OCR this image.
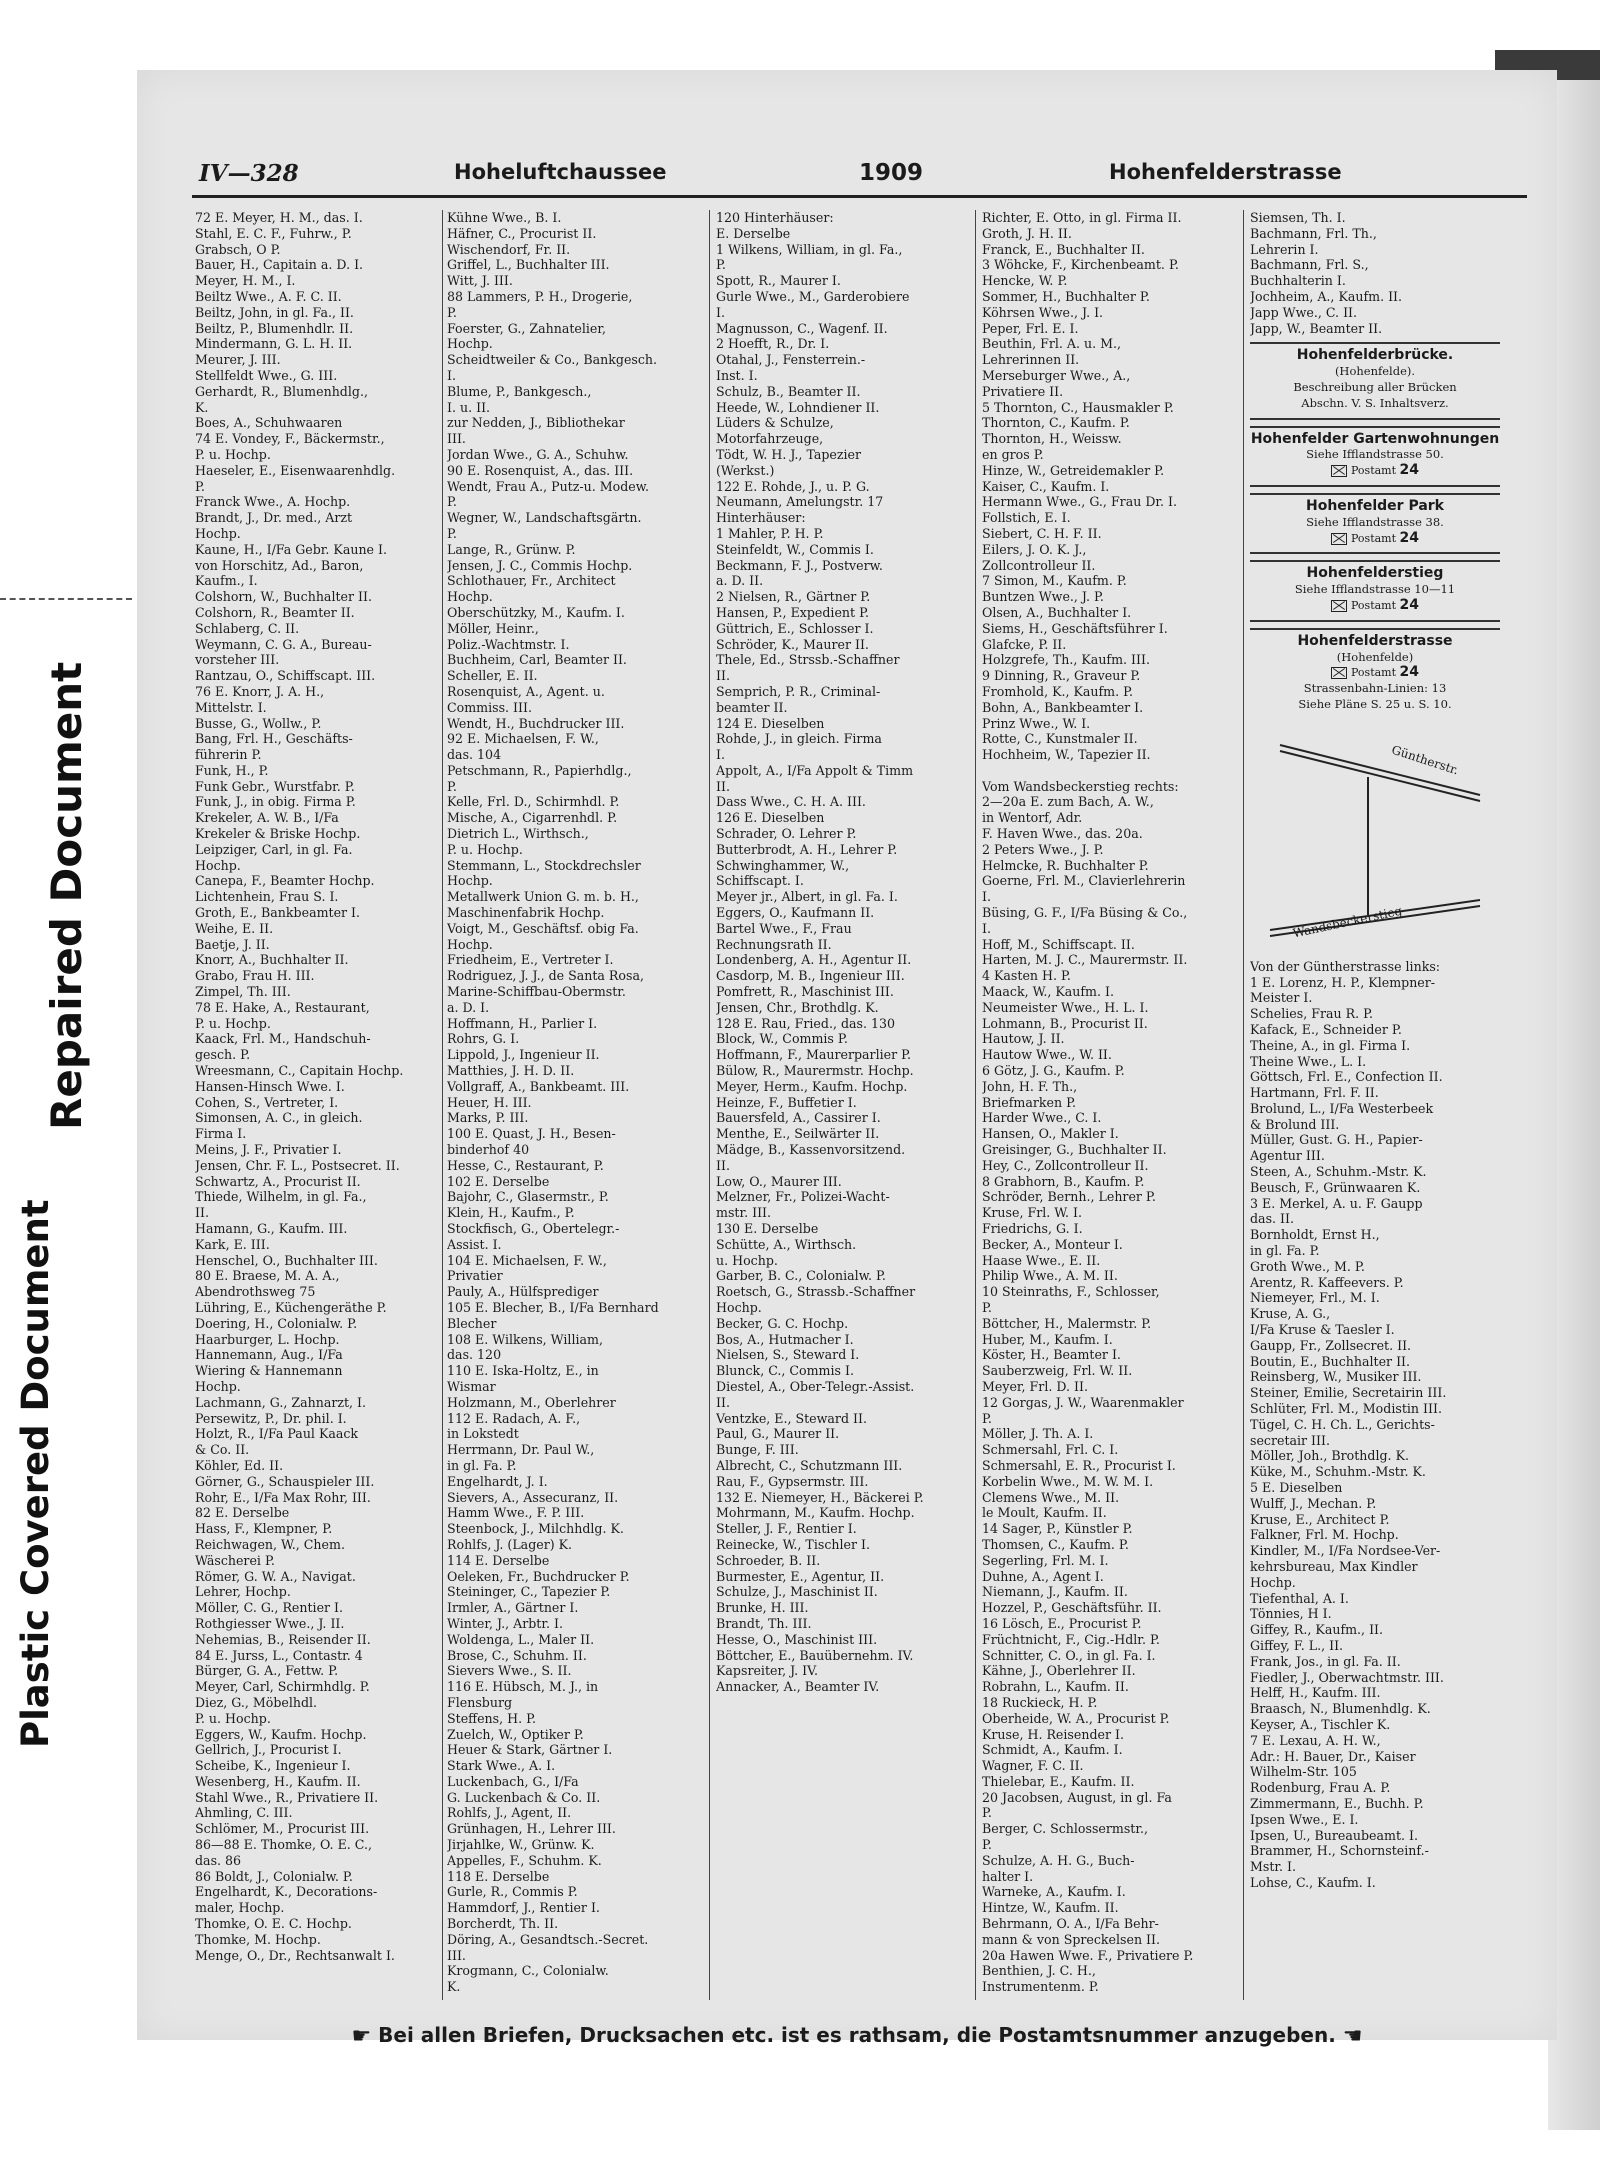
Plastic Covered Document
Repaired Document
IV—328	Hoheluftchaussee	1909	Hohenfelderstrasse
72 E. Meyer, H. M., das. I.
Stahl, E. C. F., Fuhrw., P.
Grabsch, O P.
Bauer, H., Capitain a. D. I.
Meyer, H. M., I.
Beiltz Wwe., A. F. C. II.
Beiltz, John, in gl. Fa., II.
Beiltz, P., Blumenhdlr. II.
Mindermann, G. L. H. II.
Meurer, J. III.
Stellfeldt Wwe., G. III.
Gerhardt, R., Blumenhdlg.,
K.
Boes, A., Schuhwaaren
74 E. Vondey, F., Bäckermstr.,
P. u. Hochp.
Haeseler, E., Eisenwaarenhdlg.
P.
Franck Wwe., A. Hochp.
Brandt, J., Dr. med., Arzt
Hochp.
Kaune, H., I/Fa Gebr. Kaune I.
von Horschitz, Ad., Baron,
Kaufm., I.
Colshorn, W., Buchhalter II.
Colshorn, R., Beamter II.
Schlaberg, C. II.
Weymann, C. G. A., Bureau-
vorsteher III.
Rantzau, O., Schiffscapt. III.
76 E. Knorr, J. A. H.,
Mittelstr. I.
Busse, G., Wollw., P.
Bang, Frl. H., Geschäfts-
führerin P.
Funk, H., P.
Funk Gebr., Wurstfabr. P.
Funk, J., in obig. Firma P.
Krekeler, A. W. B., I/Fa
Krekeler & Briske Hochp.
Leipziger, Carl, in gl. Fa.
Hochp.
Canepa, F., Beamter Hochp.
Lichtenhein, Frau S. I.
Groth, E., Bankbeamter I.
Weihe, E. II.
Baetje, J. II.
Knorr, A., Buchhalter II.
Grabo, Frau H. III.
Zimpel, Th. III.
78 E. Hake, A., Restaurant,
P. u. Hochp.
Kaack, Frl. M., Handschuh-
gesch. P.
Wreesmann, C., Capitain Hochp.
Hansen-Hinsch Wwe. I.
Cohen, S., Vertreter, I.
Simonsen, A. C., in gleich.
Firma I.
Meins, J. F., Privatier I.
Jensen, Chr. F. L., Postsecret. II.
Schwartz, A., Procurist II.
Thiede, Wilhelm, in gl. Fa.,
II.
Hamann, G., Kaufm. III.
Kark, E. III.
Henschel, O., Buchhalter III.
80 E. Braese, M. A. A.,
Abendrothsweg 75
Lühring, E., Küchengeräthe P.
Doering, H., Colonialw. P.
Haarburger, L. Hochp.
Hannemann, Aug., I/Fa
Wiering & Hannemann
Hochp.
Lachmann, G., Zahnarzt, I.
Persewitz, P., Dr. phil. I.
Holzt, R., I/Fa Paul Kaack
& Co. II.
Köhler, Ed. II.
Görner, G., Schauspieler III.
Rohr, E., I/Fa Max Rohr, III.
82 E. Derselbe
Hass, F., Klempner, P.
Reichwagen, W., Chem.
Wäscherei P.
Römer, G. W. A., Navigat.
Lehrer, Hochp.
Möller, C. G., Rentier I.
Rothgiesser Wwe., J. II.
Nehemias, B., Reisender II.
84 E. Jurss, L., Contastr. 4
Bürger, G. A., Fettw. P.
Meyer, Carl, Schirmhdlg. P.
Diez, G., Möbelhdl.
P. u. Hochp.
Eggers, W., Kaufm. Hochp.
Gellrich, J., Procurist I.
Scheibe, K., Ingenieur I.
Wesenberg, H., Kaufm. II.
Stahl Wwe., R., Privatiere II.
Ahmling, C. III.
Schlömer, M., Procurist III.
86—88 E. Thomke, O. E. C.,
das. 86
86 Boldt, J., Colonialw. P.
Engelhardt, K., Decorations-
maler, Hochp.
Thomke, O. E. C. Hochp.
Thomke, M. Hochp.
Menge, O., Dr., Rechtsanwalt I.
Kühne Wwe., B. I.
Häfner, C., Procurist II.
Wischendorf, Fr. II.
Griffel, L., Buchhalter III.
Witt, J. III.
88 Lammers, P. H., Drogerie,
P.
Foerster, G., Zahnatelier,
Hochp.
Scheidtweiler & Co., Bankgesch.
I.
Blume, P., Bankgesch.,
I. u. II.
zur Nedden, J., Bibliothekar
III.
Jordan Wwe., G. A., Schuhw.
90 E. Rosenquist, A., das. III.
Wendt, Frau A., Putz-u. Modew.
P.
Wegner, W., Landschaftsgärtn.
P.
Lange, R., Grünw. P.
Jensen, J. C., Commis Hochp.
Schlothauer, Fr., Architect
Hochp.
Oberschützky, M., Kaufm. I.
Möller, Heinr.,
Poliz.-Wachtmstr. I.
Buchheim, Carl, Beamter II.
Scheller, E. II.
Rosenquist, A., Agent. u.
Commiss. III.
Wendt, H., Buchdrucker III.
92 E. Michaelsen, F. W.,
das. 104
Petschmann, R., Papierhdlg.,
P.
Kelle, Frl. D., Schirmhdl. P.
Mische, A., Cigarrenhdl. P.
Dietrich L., Wirthsch.,
P. u. Hochp.
Stemmann, L., Stockdrechsler
Hochp.
Metallwerk Union G. m. b. H.,
Maschinenfabrik Hochp.
Voigt, M., Geschäftsf. obig Fa.
Hochp.
Friedheim, E., Vertreter I.
Rodriguez, J. J., de Santa Rosa,
Marine-Schiffbau-Obermstr.
a. D. I.
Hoffmann, H., Parlier I.
Rohrs, G. I.
Lippold, J., Ingenieur II.
Matthies, J. H. D. II.
Vollgraff, A., Bankbeamt. III.
Heuer, H. III.
Marks, P. III.
100 E. Quast, J. H., Besen-
binderhof 40
Hesse, C., Restaurant, P.
102 E. Derselbe
Bajohr, C., Glasermstr., P.
Klein, H., Kaufm., P.
Stockfisch, G., Obertelegr.-
Assist. I.
104 E. Michaelsen, F. W.,
Privatier
Pauly, A., Hülfsprediger
105 E. Blecher, B., I/Fa Bernhard
Blecher
108 E. Wilkens, William,
das. 120
110 E. Iska-Holtz, E., in
Wismar
Holzmann, M., Oberlehrer
112 E. Radach, A. F.,
in Lokstedt
Herrmann, Dr. Paul W.,
in gl. Fa. P.
Engelhardt, J. I.
Sievers, A., Assecuranz, II.
Hamm Wwe., F. P. III.
Steenbock, J., Milchhdlg. K.
Rohlfs, J. (Lager) K.
114 E. Derselbe
Oeleken, Fr., Buchdrucker P.
Steininger, C., Tapezier P.
Irmler, A., Gärtner I.
Winter, J., Arbtr. I.
Woldenga, L., Maler II.
Brose, C., Schuhm. II.
Sievers Wwe., S. II.
116 E. Hübsch, M. J., in
Flensburg
Steffens, H. P.
Zuelch, W., Optiker P.
Heuer & Stark, Gärtner I.
Stark Wwe., A. I.
Luckenbach, G., I/Fa
G. Luckenbach & Co. II.
Rohlfs, J., Agent, II.
Grünhagen, H., Lehrer III.
Jirjahlke, W., Grünw. K.
Appelles, F., Schuhm. K.
118 E. Derselbe
Gurle, R., Commis P.
Hammdorf, J., Rentier I.
Borcherdt, Th. II.
Döring, A., Gesandtsch.-Secret.
III.
Krogmann, C., Colonialw.
K.
120 Hinterhäuser:
E. Derselbe
1 Wilkens, William, in gl. Fa.,
P.
Spott, R., Maurer I.
Gurle Wwe., M., Garderobiere
I.
Magnusson, C., Wagenf. II.
2 Hoefft, R., Dr. I.
Otahal, J., Fensterrein.-
Inst. I.
Schulz, B., Beamter II.
Heede, W., Lohndiener II.
Lüders & Schulze,
Motorfahrzeuge,
Tödt, W. H. J., Tapezier
(Werkst.)
122 E. Rohde, J., u. P. G.
Neumann, Amelungstr. 17
Hinterhäuser:
1 Mahler, P. H. P.
Steinfeldt, W., Commis I.
Beckmann, F. J., Postverw.
a. D. II.
2 Nielsen, R., Gärtner P.
Hansen, P., Expedient P.
Güttrich, E., Schlosser I.
Schröder, K., Maurer II.
Thele, Ed., Strssb.-Schaffner
II.
Semprich, P. R., Criminal-
beamter II.
124 E. Dieselben
Rohde, J., in gleich. Firma
I.
Appolt, A., I/Fa Appolt & Timm
II.
Dass Wwe., C. H. A. III.
126 E. Dieselben
Schrader, O. Lehrer P.
Butterbrodt, A. H., Lehrer P.
Schwinghammer, W.,
Schiffscapt. I.
Meyer jr., Albert, in gl. Fa. I.
Eggers, O., Kaufmann II.
Bartel Wwe., F., Frau
Rechnungsrath II.
Londenberg, A. H., Agentur II.
Casdorp, M. B., Ingenieur III.
Pomfrett, R., Maschinist III.
Jensen, Chr., Brothdlg. K.
128 E. Rau, Fried., das. 130
Block, W., Commis P.
Hoffmann, F., Maurerparlier P.
Bülow, R., Maurermstr. Hochp.
Meyer, Herm., Kaufm. Hochp.
Heinze, F., Buffetier I.
Bauersfeld, A., Cassirer I.
Menthe, E., Seilwärter II.
Mädge, B., Kassenvorsitzend.
II.
Low, O., Maurer III.
Melzner, Fr., Polizei-Wacht-
mstr. III.
130 E. Derselbe
Schütte, A., Wirthsch.
u. Hochp.
Garber, B. C., Colonialw. P.
Roetsch, G., Strassb.-Schaffner
Hochp.
Becker, G. C. Hochp.
Bos, A., Hutmacher I.
Nielsen, S., Steward I.
Blunck, C., Commis I.
Diestel, A., Ober-Telegr.-Assist.
II.
Ventzke, E., Steward II.
Paul, G., Maurer II.
Bunge, F. III.
Albrecht, C., Schutzmann III.
Rau, F., Gypsermstr. III.
132 E. Niemeyer, H., Bäckerei P.
Mohrmann, M., Kaufm. Hochp.
Steller, J. F., Rentier I.
Reinecke, W., Tischler I.
Schroeder, B. II.
Burmester, E., Agentur, II.
Schulze, J., Maschinist II.
Brunke, H. III.
Brandt, Th. III.
Hesse, O., Maschinist III.
Böttcher, E., Bauübernehm. IV.
Kapsreiter, J. IV.
Annacker, A., Beamter IV.
Richter, E. Otto, in gl. Firma II.
Groth, J. H. II.
Franck, E., Buchhalter II.
3 Wöhcke, F., Kirchenbeamt. P.
Hencke, W. P.
Sommer, H., Buchhalter P.
Köhrsen Wwe., J. I.
Peper, Frl. E. I.
Beuthin, Frl. A. u. M.,
Lehrerinnen II.
Merseburger Wwe., A.,
Privatiere II.
5 Thornton, C., Hausmakler P.
Thornton, C., Kaufm. P.
Thornton, H., Weissw.
en gros P.
Hinze, W., Getreidemakler P.
Kaiser, C., Kaufm. I.
Hermann Wwe., G., Frau Dr. I.
Follstich, E. I.
Siebert, C. H. F. II.
Eilers, J. O. K. J.,
Zollcontrolleur II.
7 Simon, M., Kaufm. P.
Buntzen Wwe., J. P.
Olsen, A., Buchhalter I.
Siems, H., Geschäftsführer I.
Glafcke, P. II.
Holzgrefe, Th., Kaufm. III.
9 Dinning, R., Graveur P.
Fromhold, K., Kaufm. P.
Bohn, A., Bankbeamter I.
Prinz Wwe., W. I.
Rotte, C., Kunstmaler II.
Hochheim, W., Tapezier II.

Vom Wandsbeckerstieg rechts:
2—20a E. zum Bach, A. W.,
in Wentorf, Adr.
F. Haven Wwe., das. 20a.
2 Peters Wwe., J. P.
Helmcke, R. Buchhalter P.
Goerne, Frl. M., Clavierlehrerin
I.
Büsing, G. F., I/Fa Büsing & Co.,
I.
Hoff, M., Schiffscapt. II.
Harten, M. J. C., Maurermstr. II.
4 Kasten H. P.
Maack, W., Kaufm. I.
Neumeister Wwe., H. L. I.
Lohmann, B., Procurist II.
Hautow, J. II.
Hautow Wwe., W. II.
6 Götz, J. G., Kaufm. P.
John, H. F. Th.,
Briefmarken P.
Harder Wwe., C. I.
Hansen, O., Makler I.
Greisinger, G., Buchhalter II.
Hey, C., Zollcontrolleur II.
8 Grabhorn, B., Kaufm. P.
Schröder, Bernh., Lehrer P.
Kruse, Frl. W. I.
Friedrichs, G. I.
Becker, A., Monteur I.
Haase Wwe., E. II.
Philip Wwe., A. M. II.
10 Steinraths, F., Schlosser,
P.
Böttcher, H., Malermstr. P.
Huber, M., Kaufm. I.
Köster, H., Beamter I.
Sauberzweig, Frl. W. II.
Meyer, Frl. D. II.
12 Gorgas, J. W., Waarenmakler
P.
Möller, J. Th. A. I.
Schmersahl, Frl. C. I.
Schmersahl, E. R., Procurist I.
Korbelin Wwe., M. W. M. I.
Clemens Wwe., M. II.
le Moult, Kaufm. II.
14 Sager, P., Künstler P.
Thomsen, C., Kaufm. P.
Segerling, Frl. M. I.
Duhne, A., Agent I.
Niemann, J., Kaufm. II.
Hozzel, P., Geschäftsführ. II.
16 Lösch, E., Procurist P.
Früchtnicht, F., Cig.-Hdlr. P.
Schnitter, C. O., in gl. Fa. I.
Kähne, J., Oberlehrer II.
Robrahn, L., Kaufm. II.
18 Ruckieck, H. P.
Oberheide, W. A., Procurist P.
Kruse, H. Reisender I.
Schmidt, A., Kaufm. I.
Wagner, F. C. II.
Thielebar, E., Kaufm. II.
20 Jacobsen, August, in gl. Fa
P.
Berger, C. Schlossermstr.,
P.
Schulze, A. H. G., Buch-
halter I.
Warneke, A., Kaufm. I.
Hintze, W., Kaufm. II.
Behrmann, O. A., I/Fa Behr-
mann & von Spreckelsen II.
20a Hawen Wwe. F., Privatiere P.
Benthien, J. C. H.,
Instrumentenm. P.
Siemsen, Th. I.
Bachmann, Frl. Th.,
Lehrerin I.
Bachmann, Frl. S.,
Buchhalterin I.
Jochheim, A., Kaufm. II.
Japp Wwe., C. II.
Japp, W., Beamter II.
Hohenfelderbrücke.
(Hohenfelde).
Beschreibung aller Brücken
Abschn. V. S. Inhaltsverz.
Hohenfelder Gartenwohnungen
Siehe Ifflandstrasse 50.
Postamt 24
Hohenfelder Park
Siehe Ifflandstrasse 38.
Postamt 24
Hohenfelderstieg
Siehe Ifflandstrasse 10—11
Postamt 24
Hohenfelderstrasse
(Hohenfelde)
Postamt 24
Strassenbahn-Linien: 13
Siehe Pläne S. 25 u. S. 10.
Güntherstr.
Wandsbeckerstieg
Von der Güntherstrasse links:
1 E. Lorenz, H. P., Klempner-
Meister I.
Schelies, Frau R. P.
Kafack, E., Schneider P.
Theine, A., in gl. Firma I.
Theine Wwe., L. I.
Göttsch, Frl. E., Confection II.
Hartmann, Frl. F. II.
Brolund, L., I/Fa Westerbeek
& Brolund III.
Müller, Gust. G. H., Papier-
Agentur III.
Steen, A., Schuhm.-Mstr. K.
Beusch, F., Grünwaaren K.
3 E. Merkel, A. u. F. Gaupp
das. II.
Bornholdt, Ernst H.,
in gl. Fa. P.
Groth Wwe., M. P.
Arentz, R. Kaffeevers. P.
Niemeyer, Frl., M. I.
Kruse, A. G.,
I/Fa Kruse & Taesler I.
Gaupp, Fr., Zollsecret. II.
Boutin, E., Buchhalter II.
Reinsberg, W., Musiker III.
Steiner, Emilie, Secretairin III.
Schlüter, Frl. M., Modistin III.
Tügel, C. H. Ch. L., Gerichts-
secretair III.
Möller, Joh., Brothdlg. K.
Küke, M., Schuhm.-Mstr. K.
5 E. Dieselben
Wulff, J., Mechan. P.
Kruse, E., Architect P.
Falkner, Frl. M. Hochp.
Kindler, M., I/Fa Nordsee-Ver-
kehrsbureau, Max Kindler
Hochp.
Tiefenthal, A. I.
Tönnies, H I.
Giffey, R., Kaufm., II.
Giffey, F. L., II.
Frank, Jos., in gl. Fa. II.
Fiedler, J., Oberwachtmstr. III.
Helff, H., Kaufm. III.
Braasch, N., Blumenhdlg. K.
Keyser, A., Tischler K.
7 E. Lexau, A. H. W.,
Adr.: H. Bauer, Dr., Kaiser
Wilhelm-Str. 105
Rodenburg, Frau A. P.
Zimmermann, E., Buchh. P.
Ipsen Wwe., E. I.
Ipsen, U., Bureaubeamt. I.
Brammer, H., Schornsteinf.-
Mstr. I.
Lohse, C., Kaufm. I.
☛ Bei allen Briefen, Drucksachen etc. ist es rathsam, die Postamtsnummer anzugeben. ☚
